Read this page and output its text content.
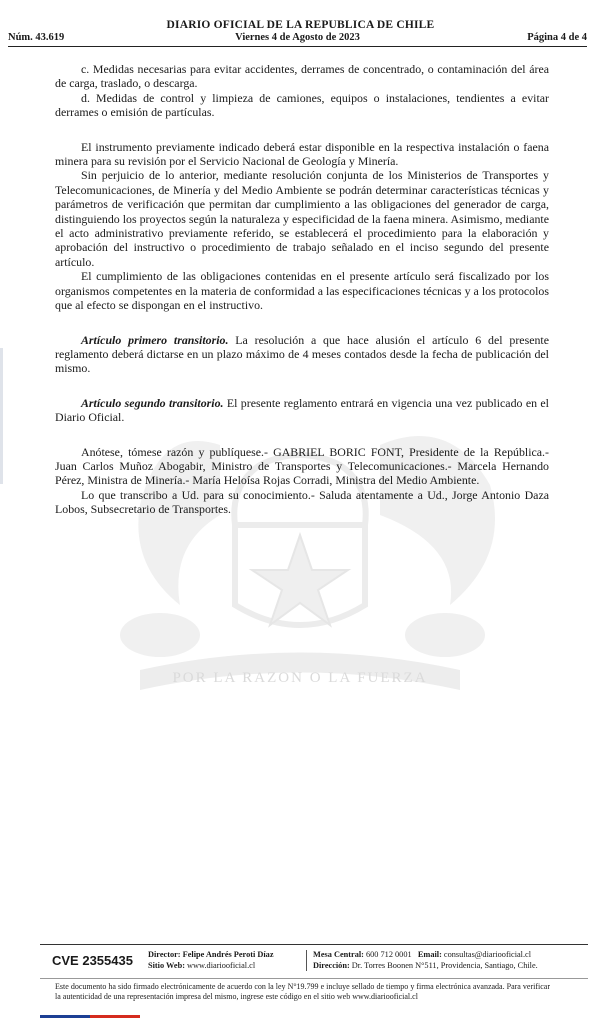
DIARIO OFICIAL DE LA REPUBLICA DE CHILE
Núm. 43.619	Viernes 4 de Agosto de 2023	Página 4 de 4
POR LA RAZON O LA FUERZA

c. Medidas necesarias para evitar accidentes, derrames de concentrado, o contaminación del área de carga, traslado, o descarga.

d. Medidas de control y limpieza de camiones, equipos o instalaciones, tendientes a evitar derrames o emisión de partículas.

El instrumento previamente indicado deberá estar disponible en la respectiva instalación o faena minera para su revisión por el Servicio Nacional de Geología y Minería.

Sin perjuicio de lo anterior, mediante resolución conjunta de los Ministerios de Transportes y Telecomunicaciones, de Minería y del Medio Ambiente se podrán determinar características técnicas y parámetros de verificación que permitan dar cumplimiento a las obligaciones del generador de carga, distinguiendo los proyectos según la naturaleza y especificidad de la faena minera. Asimismo, mediante el acto administrativo previamente referido, se establecerá el procedimiento para la elaboración y aprobación del instructivo o procedimiento de trabajo señalado en el inciso segundo del presente artículo.

El cumplimiento de las obligaciones contenidas en el presente artículo será fiscalizado por los organismos competentes en la materia de conformidad a las especificaciones técnicas y a los protocolos que al efecto se dispongan en el instructivo.

Artículo primero transitorio. La resolución a que hace alusión el artículo 6 del presente reglamento deberá dictarse en un plazo máximo de 4 meses contados desde la fecha de publicación del mismo.

Artículo segundo transitorio. El presente reglamento entrará en vigencia una vez publicado en el Diario Oficial.

Anótese, tómese razón y publíquese.- GABRIEL BORIC FONT, Presidente de la República.- Juan Carlos Muñoz Abogabir, Ministro de Transportes y Telecomunicaciones.- Marcela Hernando Pérez, Ministra de Minería.- María Heloísa Rojas Corradi, Ministra del Medio Ambiente.

Lo que transcribo a Ud. para su conocimiento.- Saluda atentamente a Ud., Jorge Antonio Daza Lobos, Subsecretario de Transportes.

CVE 2355435 Director: Felipe Andrés Peroti Díaz
Sitio Web: www.diariooficial.cl
Mesa Central: 600 712 0001 Email: consultas@diariooficial.cl
Dirección: Dr. Torres Boonen N°511, Providencia, Santiago, Chile.
Este documento ha sido firmado electrónicamente de acuerdo con la ley N°19.799 e incluye sellado de tiempo y firma electrónica avanzada. Para verificar la autenticidad de una representación impresa del mismo, ingrese este código en el sitio web www.diariooficial.cl
